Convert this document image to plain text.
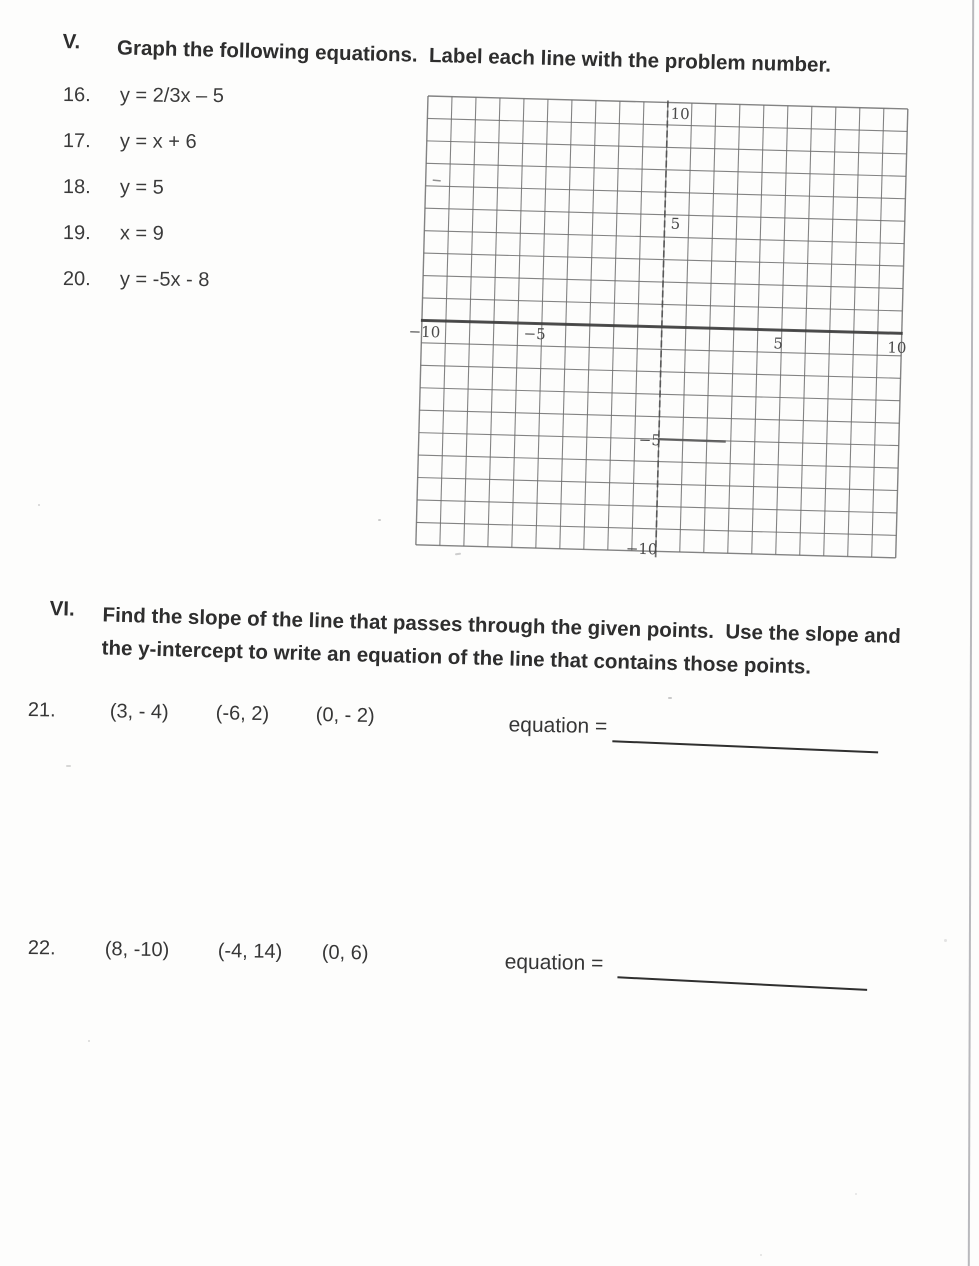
V. Graph the following equations.  Label each line with the problem number.
16.	y = 2/3x – 5
17.	y = x + 6
18.	y = 5
19.	x = 9
20.	y = -5x - 8
10
5
−5
−10
−10	−5
5	10
VI. Find the slope of the line that passes through the given points.  Use the slope and
the y-intercept to write an equation of the line that contains those points.
21.	(3, - 4) (-6, 2) (0, - 2)	equation =
22. (8, -10) (-4, 14) (0, 6)	equation =
